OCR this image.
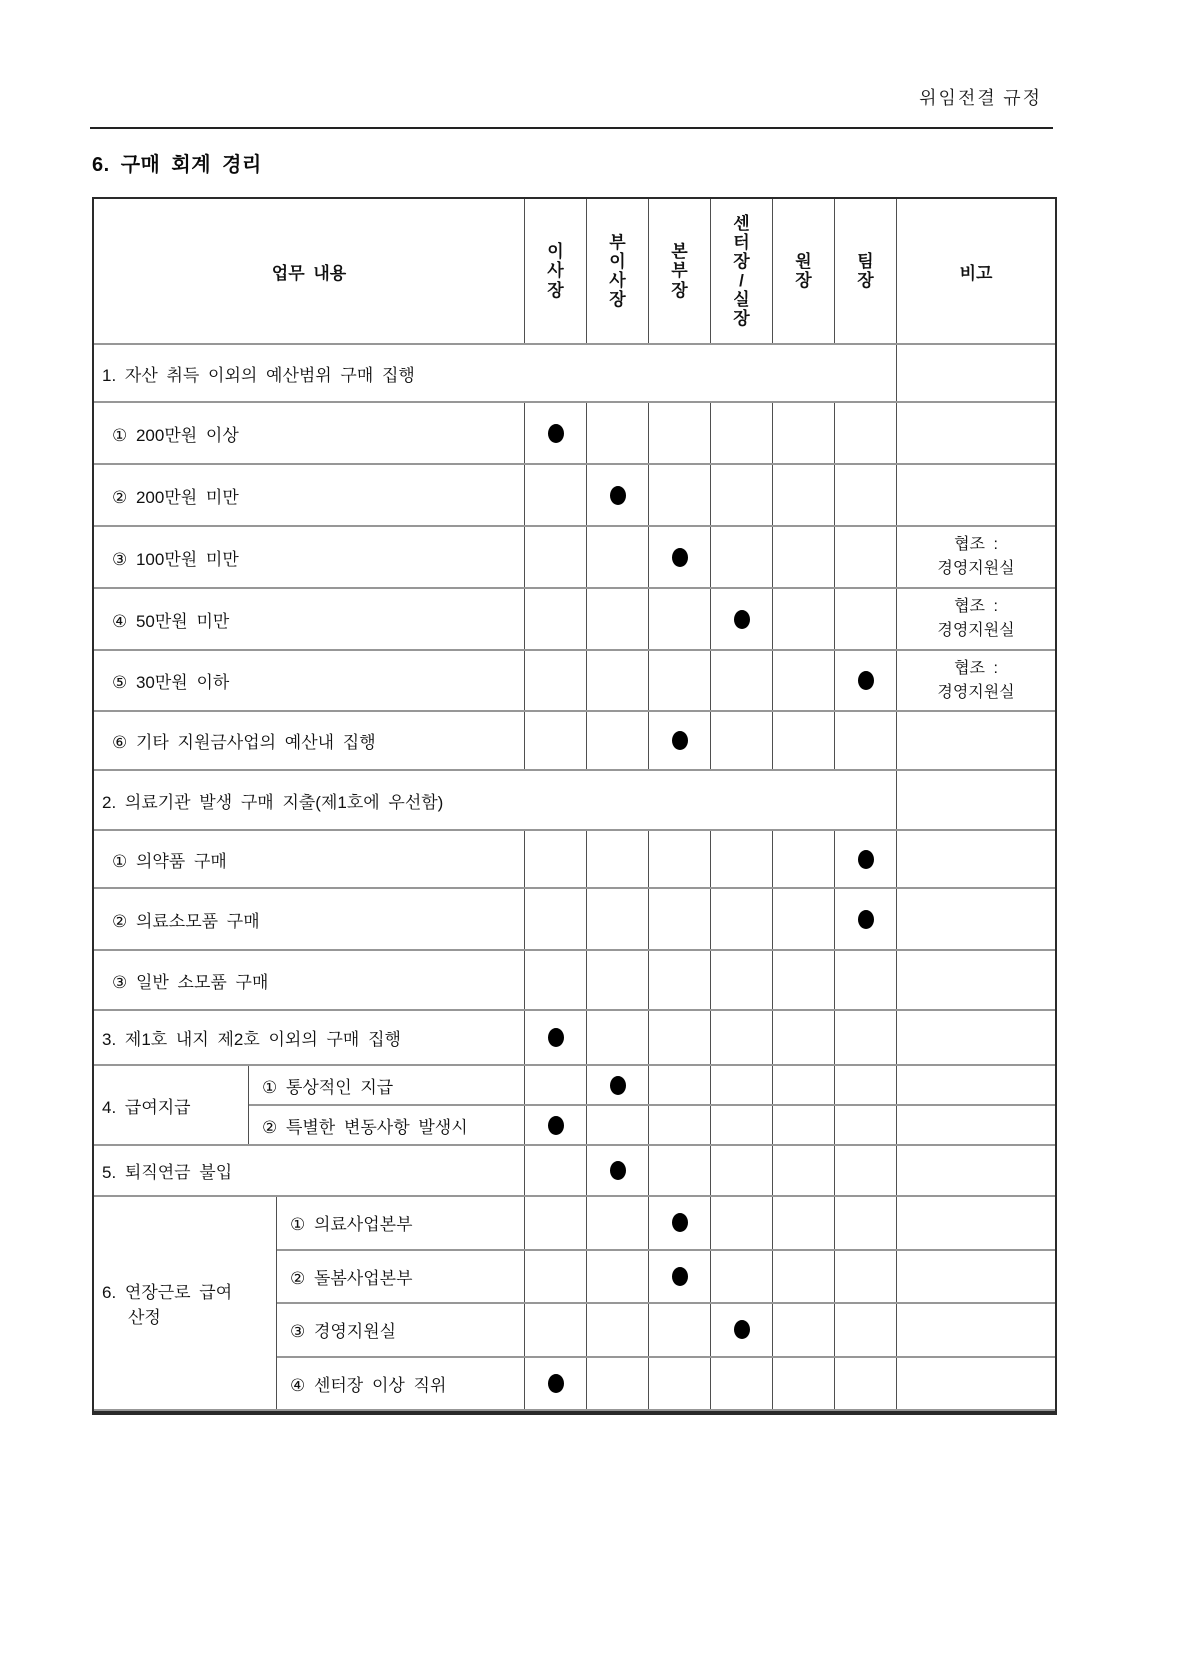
위임전결 규정
6. 구매 회계 경리
업무 내용
이
사
장
부
이
사
장
본
부
장
센
터
장
/
실
장
원
장
팀
장	비고
1. 자산 취득 이외의 예산범위 구매 집행
① 200만원 이상
② 200만원 미만
③ 100만원 미만
협조 :
경영지원실
④ 50만원 미만
협조 :
경영지원실
⑤ 30만원 이하
협조 :
경영지원실
⑥ 기타 지원금사업의 예산내 집행
2. 의료기관 발생 구매 지출(제1호에 우선함)
① 의약품 구매
② 의료소모품 구매
③ 일반 소모품 구매
3. 제1호 내지 제2호 이외의 구매 집행
4. 급여지급
① 통상적인 지급
② 특별한 변동사항 발생시
5. 퇴직연금 불입
6. 연장근로 급여
산정
① 의료사업본부
② 돌봄사업본부
③ 경영지원실
④ 센터장 이상 직위
